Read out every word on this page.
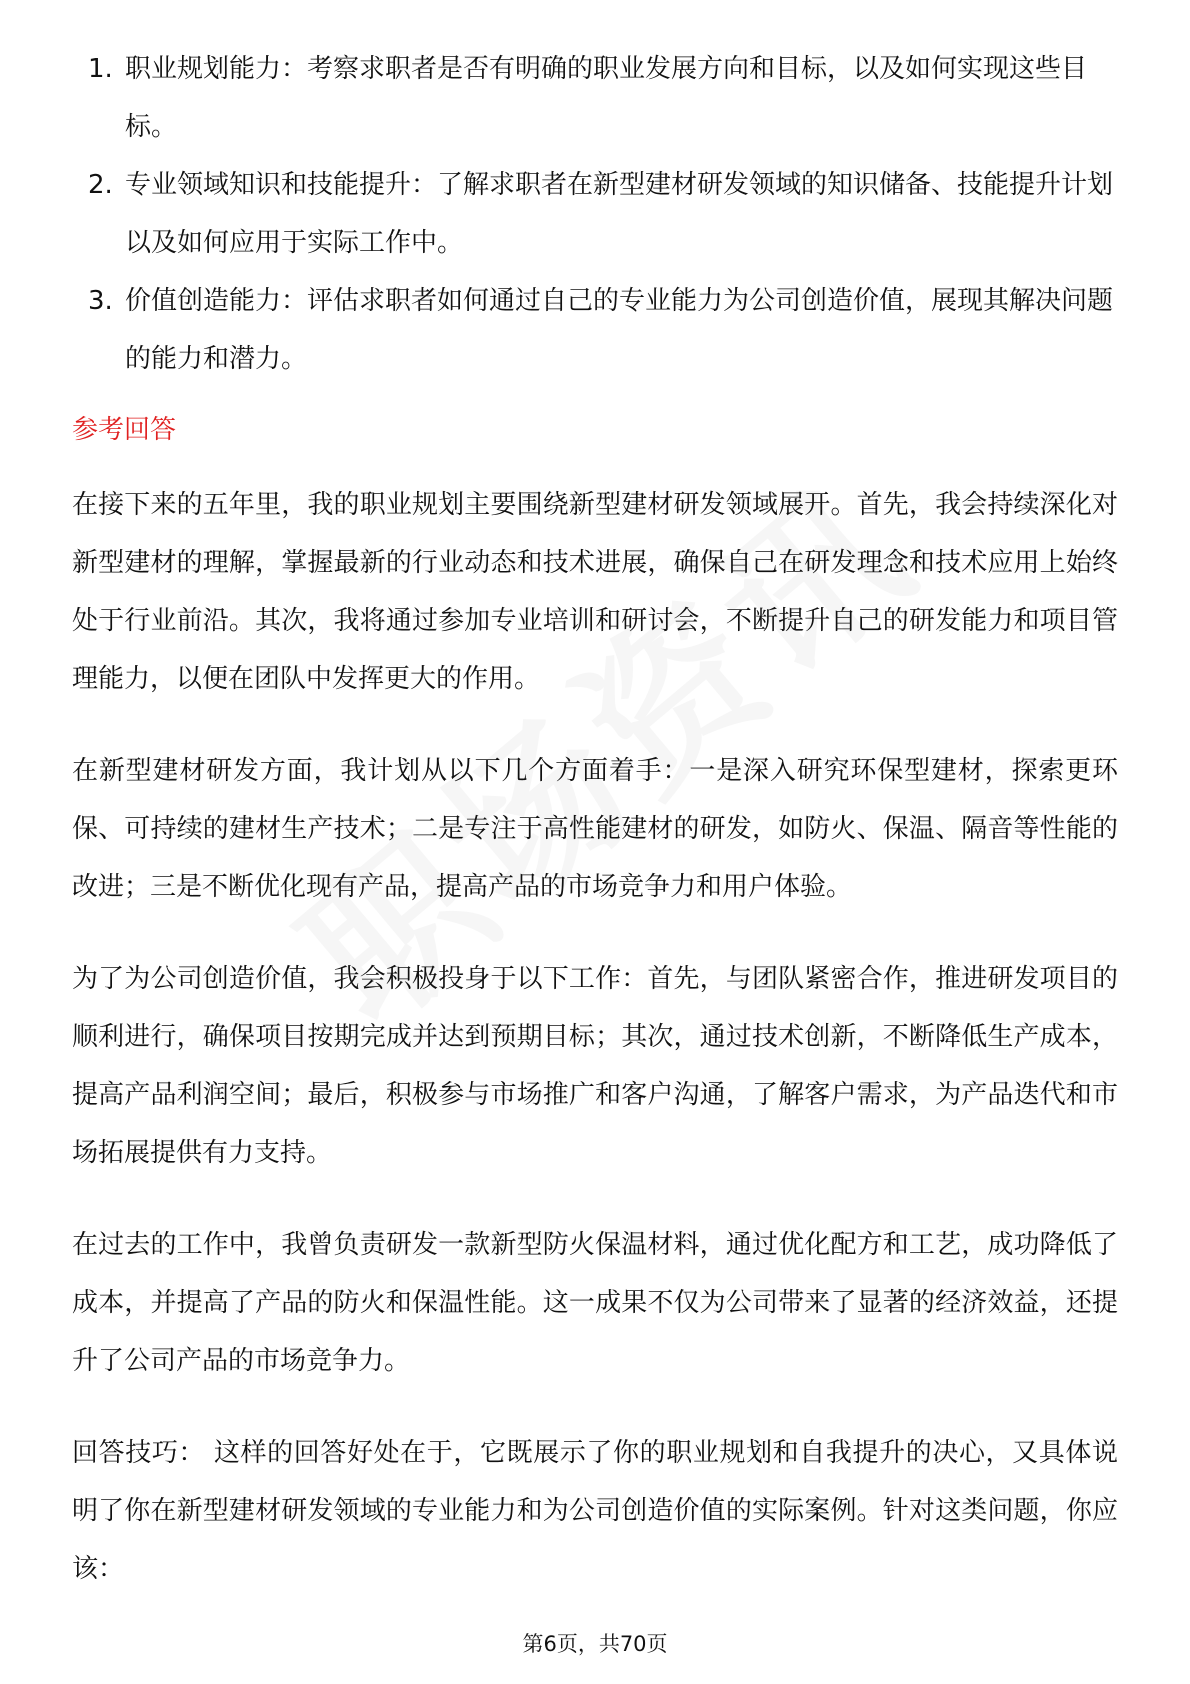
1. 职业规划能力：考察求职者是否有明确的职业发展方向和目标，以及如何实现这些目标。
2. 专业领域知识和技能提升：了解求职者在新型建材研发领域的知识储备、技能提升计划以及如何应用于实际工作中。
3. 价值创造能力：评估求职者如何通过自己的专业能力为公司创造价值，展现其解决问题的能力和潜力。
参考回答

在接下来的五年里，我的职业规划主要围绕新型建材研发领域展开。首先，我会持续深化对新型建材的理解，掌握最新的行业动态和技术进展，确保自己在研发理念和技术应用上始终处于行业前沿。其次，我将通过参加专业培训和研讨会，不断提升自己的研发能力和项目管理能力，以便在团队中发挥更大的作用。

在新型建材研发方面，我计划从以下几个方面着手：一是深入研究环保型建材，探索更环保、可持续的建材生产技术；二是专注于高性能建材的研发，如防火、保温、隔音等性能的改进；三是不断优化现有产品，提高产品的市场竞争力和用户体验。

为了为公司创造价值，我会积极投身于以下工作：首先，与团队紧密合作，推进研发项目的顺利进行，确保项目按期完成并达到预期目标；其次，通过技术创新，不断降低生产成本，提高产品利润空间；最后，积极参与市场推广和客户沟通，了解客户需求，为产品迭代和市场拓展提供有力支持。

在过去的工作中，我曾负责研发一款新型防火保温材料，通过优化配方和工艺，成功降低了成本，并提高了产品的防火和保温性能。这一成果不仅为公司带来了显著的经济效益，还提升了公司产品的市场竞争力。

回答技巧： 这样的回答好处在于，它既展示了你的职业规划和自我提升的决心，又具体说明了你在新型建材研发领域的专业能力和为公司创造价值的实际案例。针对这类问题，你应该：

第6页，共70页
